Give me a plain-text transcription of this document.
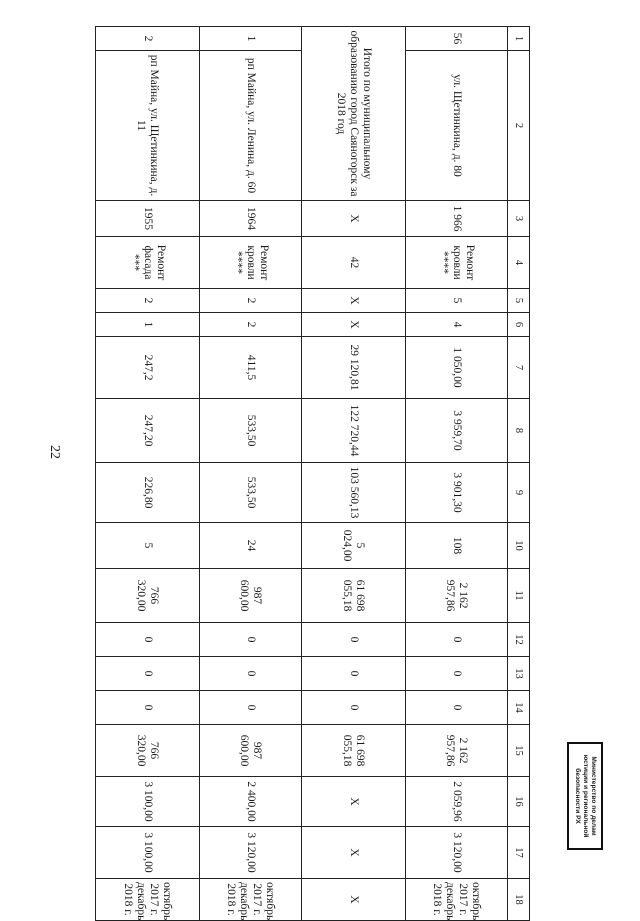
22
1	2	3	4	5	6	7	8	9	10	11	12	13	14	15	16	17	18
56	ул. Щетинкина, д. 80	1 966	Ремонт кровли ****	5	4	1 050,00	3 959,70	3 901,30	108	2 162 957,86	0	0	0	2 162 957,86	2 059,96	3 120,00	октябрь 2017 г. декабрь 2018 г.
Итого по муниципальному образованию город Саяногорск за 2018 год		X	42	X	X	29 120,81	122 720,44	103 560,13	5 024,00	61 698 055,18	0	0	0	61 698 055,18	X	X	X
1	рп Майна, ул. Ленина, д. 60	1964	Ремонт кровли ****	2	2	411,5	533,50	533,50	24	987 600,00	0	0	0	987 600,00	2 400,00	3 120,00	октябрь 2017 г. декабрь 2018 г.
2	рп Майна, ул. Щетинкина, д. 11	1955	Ремонт фасада ***	2	1	247,2	247,20	226,80	5	766 320,00	0	0	0	766 320,00	3 100,00	3 100,00	октябрь 2017 г. декабрь 2018 г.
Министерство по делам юстиции и региональной безопасности РХ
